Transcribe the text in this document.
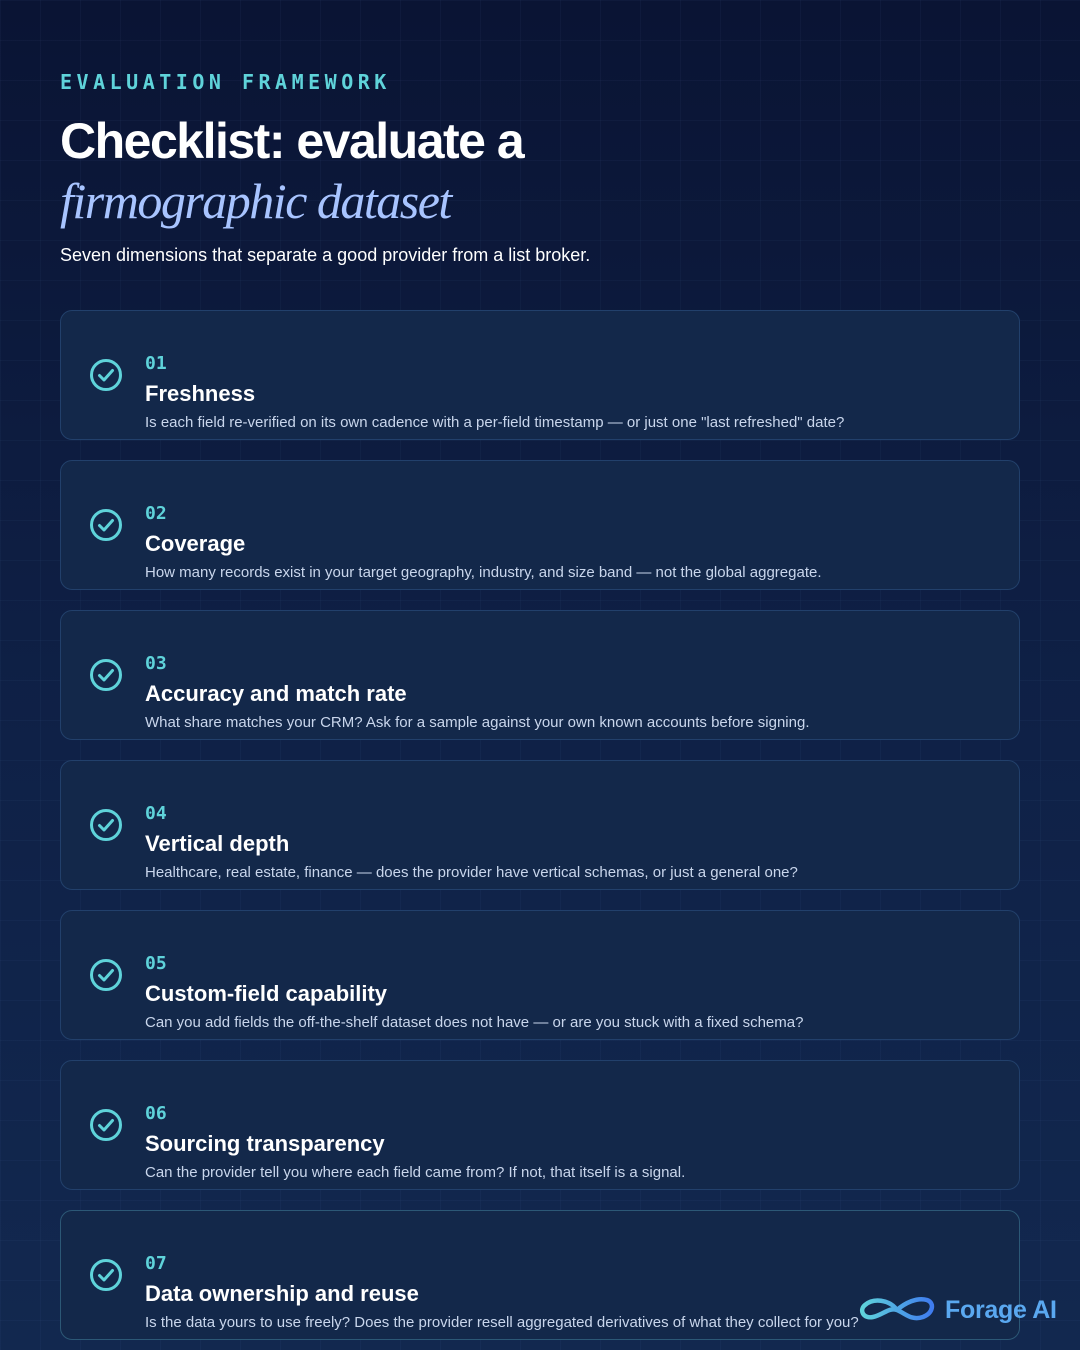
EVALUATION FRAMEWORK
Checklist: evaluate a
firmographic dataset
Seven dimensions that separate a good provider from a list broker.
01
Freshness
Is each field re-verified on its own cadence with a per-field timestamp — or just one "last refreshed" date?
02
Coverage
How many records exist in your target geography, industry, and size band — not the global aggregate.
03
Accuracy and match rate
What share matches your CRM? Ask for a sample against your own known accounts before signing.
04
Vertical depth
Healthcare, real estate, finance — does the provider have vertical schemas, or just a general one?
05
Custom-field capability
Can you add fields the off-the-shelf dataset does not have — or are you stuck with a fixed schema?
06
Sourcing transparency
Can the provider tell you where each field came from? If not, that itself is a signal.
07
Data ownership and reuse
Is the data yours to use freely? Does the provider resell aggregated derivatives of what they collect for you?	Forage AI
